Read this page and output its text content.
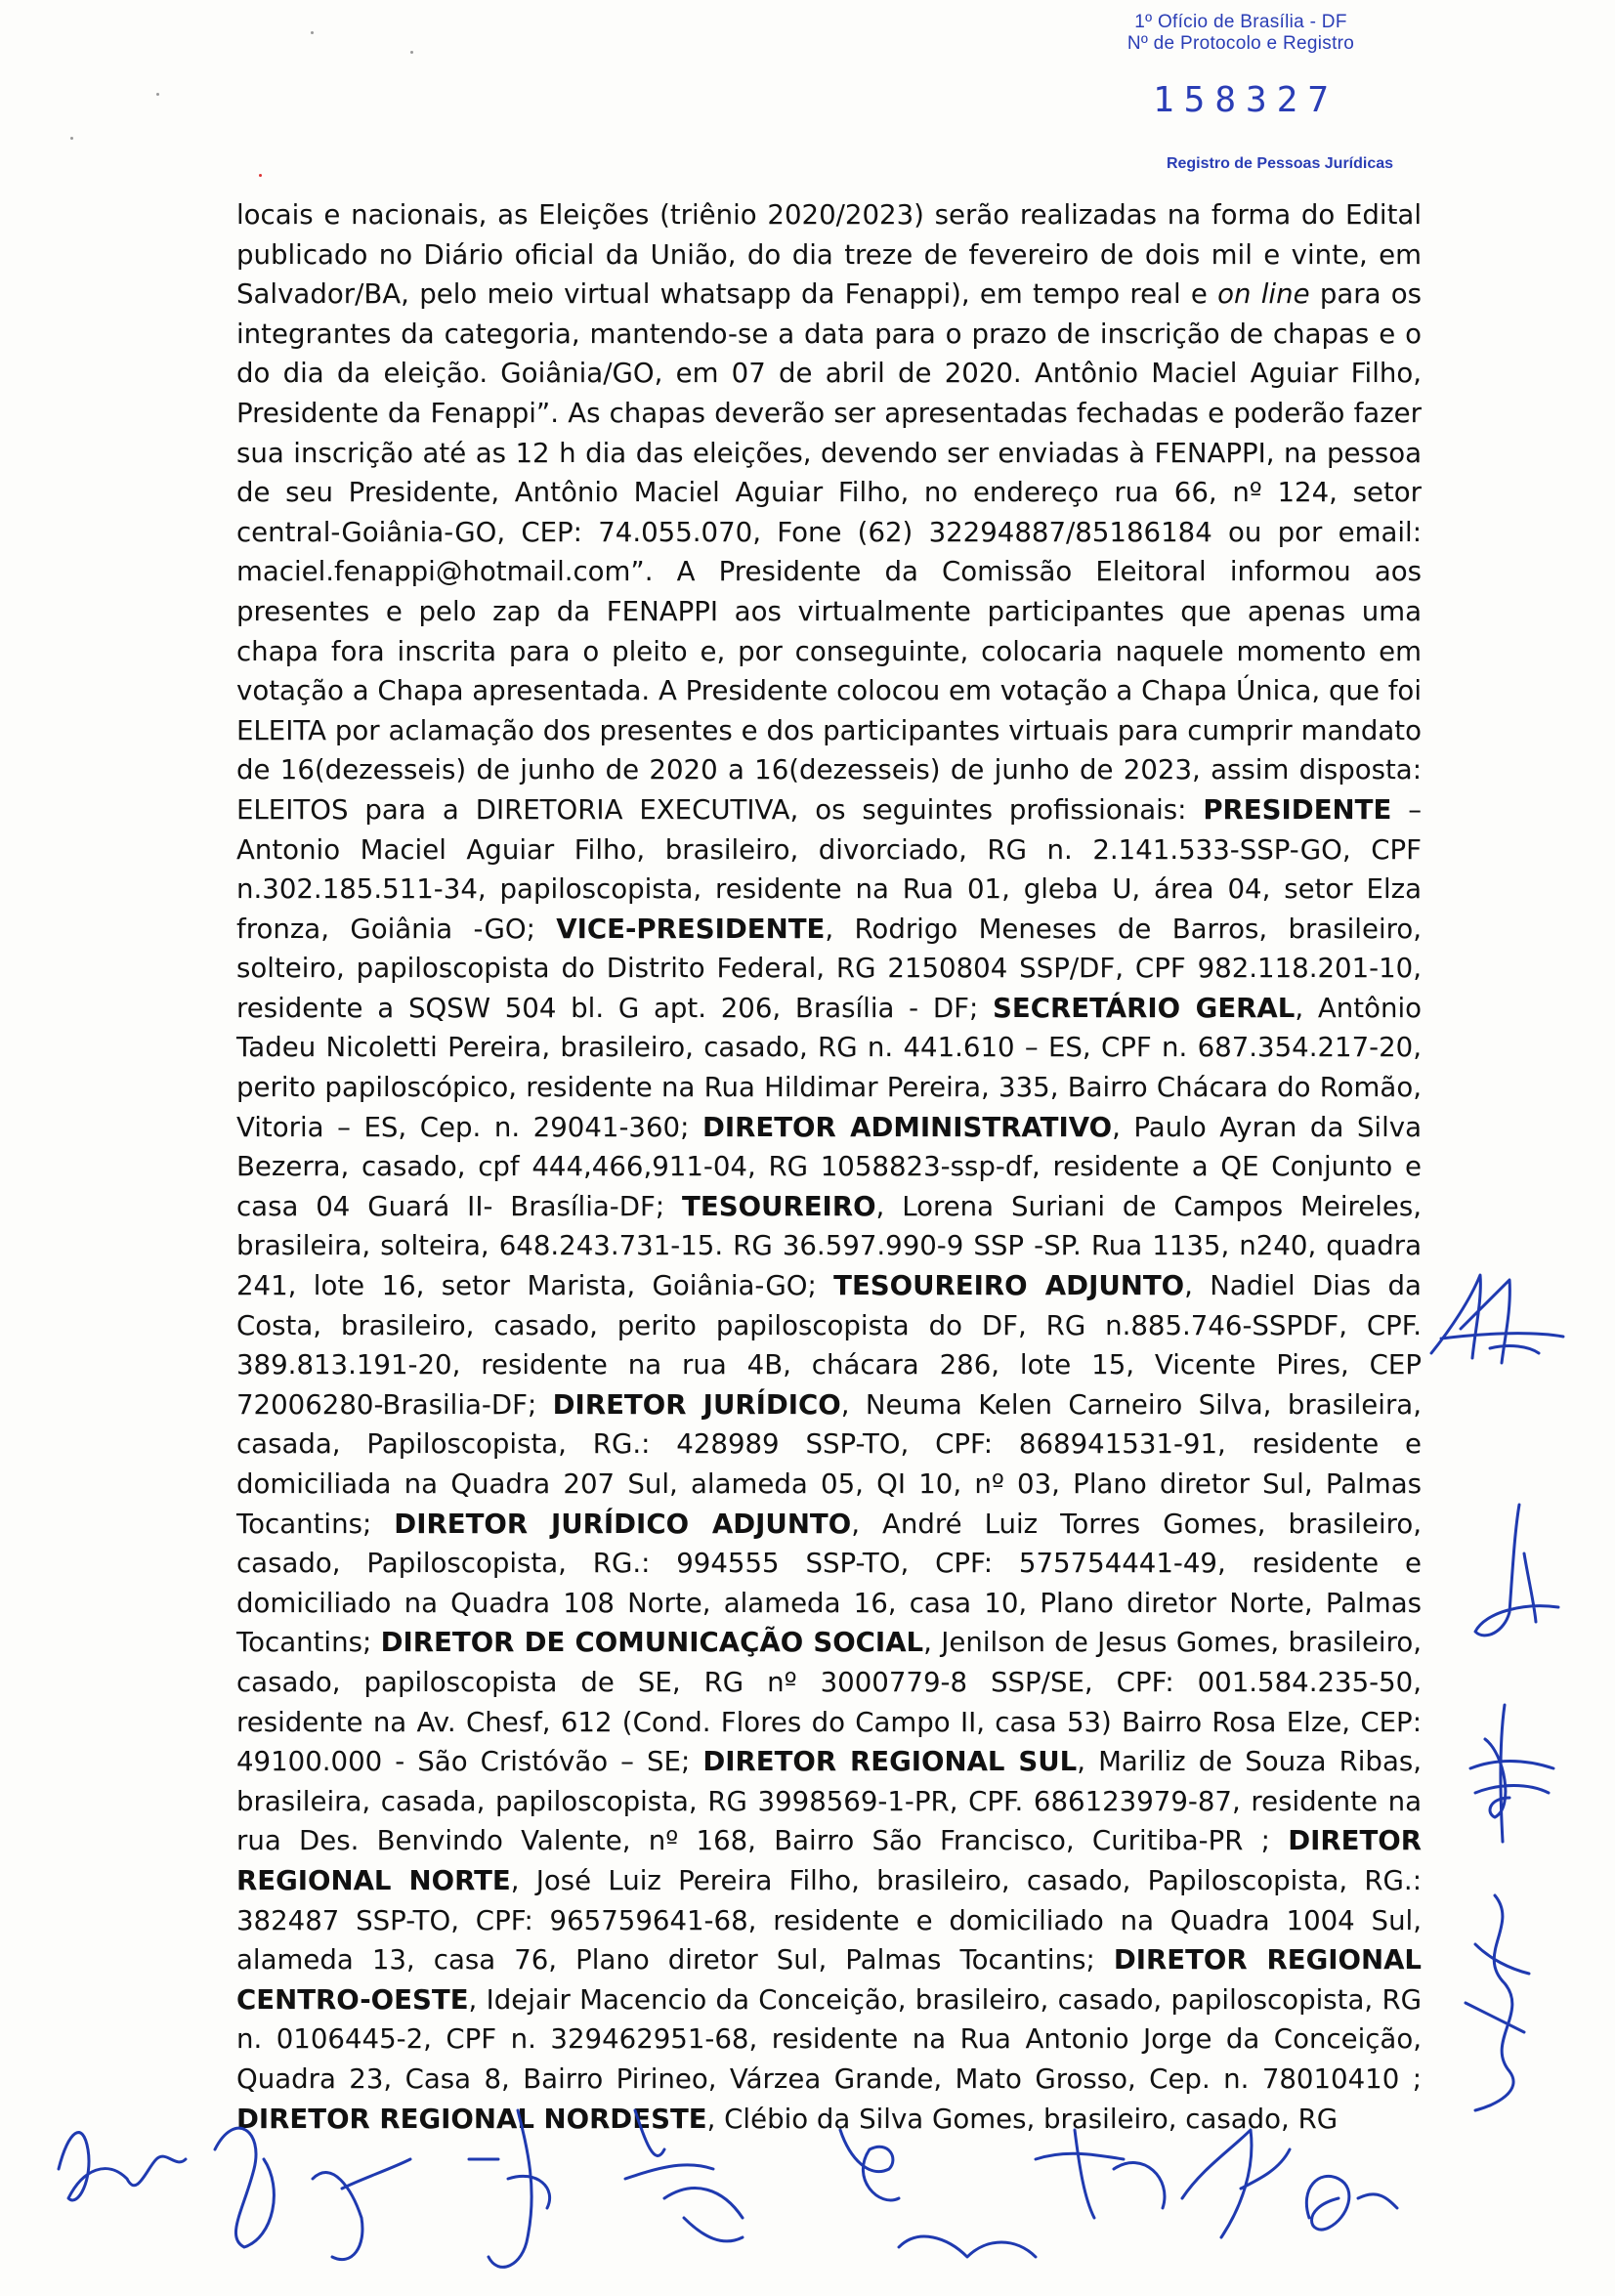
1º Ofício de Brasília - DF
Nº de Protocolo e Registro
158327
Registro de Pessoas Jurídicas

locais e nacionais, as Eleições (triênio 2020/2023) serão realizadas na forma do Edital publicado no Diário oficial da União, do dia treze de fevereiro de dois mil e vinte, em Salvador/BA, pelo meio virtual whatsapp da Fenappi), em tempo real e on line para os integrantes da categoria, mantendo-se a data para o prazo de inscrição de chapas e o do dia da eleição. Goiânia/GO, em 07 de abril de 2020. Antônio Maciel Aguiar Filho, Presidente da Fenappi”. As chapas deverão ser apresentadas fechadas e poderão fazer sua inscrição até as 12 h dia das eleições, devendo ser enviadas à FENAPPI, na pessoa de seu Presidente, Antônio Maciel Aguiar Filho, no endereço rua 66, nº 124, setor central-Goiânia-GO, CEP: 74.055.070, Fone (62) 32294887/85186184 ou por email: maciel.fenappi@hotmail.com”. A Presidente da Comissão Eleitoral informou aos presentes e pelo zap da FENAPPI aos virtualmente participantes que apenas uma chapa fora inscrita para o pleito e, por conseguinte, colocaria naquele momento em votação a Chapa apresentada. A Presidente colocou em votação a Chapa Única, que foi ELEITA por aclamação dos presentes e dos participantes virtuais para cumprir mandato de 16(dezesseis) de junho de 2020 a 16(dezesseis) de junho de 2023, assim disposta: ELEITOS para a DIRETORIA EXECUTIVA, os seguintes profissionais: PRESIDENTE – Antonio Maciel Aguiar Filho, brasileiro, divorciado, RG n. 2.141.533-SSP-GO, CPF n.302.185.511-34, papiloscopista, residente na Rua 01, gleba U, área 04, setor Elza fronza, Goiânia -GO; VICE-PRESIDENTE, Rodrigo Meneses de Barros, brasileiro, solteiro, papiloscopista do Distrito Federal, RG 2150804 SSP/DF, CPF 982.118.201-10, residente a SQSW 504 bl. G apt. 206, Brasília - DF; SECRETÁRIO GERAL, Antônio Tadeu Nicoletti Pereira, brasileiro, casado, RG n. 441.610 – ES, CPF n. 687.354.217-20, perito papiloscópico, residente na Rua Hildimar Pereira, 335, Bairro Chácara do Romão, Vitoria – ES, Cep. n. 29041-360; DIRETOR ADMINISTRATIVO, Paulo Ayran da Silva Bezerra, casado, cpf 444,466,911-04, RG 1058823-ssp-df, residente a QE Conjunto e casa 04 Guará II- Brasília-DF; TESOUREIRO, Lorena Suriani de Campos Meireles, brasileira, solteira, 648.243.731-15. RG 36.597.990-9 SSP -SP. Rua 1135, n240, quadra 241, lote 16, setor Marista, Goiânia-GO; TESOUREIRO ADJUNTO, Nadiel Dias da Costa, brasileiro, casado, perito papiloscopista do DF, RG n.885.746-SSPDF, CPF. 389.813.191-20, residente na rua 4B, chácara 286, lote 15, Vicente Pires, CEP 72006280-Brasilia-DF; DIRETOR JURÍDICO, Neuma Kelen Carneiro Silva, brasileira, casada, Papiloscopista, RG.: 428989 SSP-TO, CPF: 868941531-91, residente e domiciliada na Quadra 207 Sul, alameda 05, QI 10, nº 03, Plano diretor Sul, Palmas Tocantins; DIRETOR JURÍDICO ADJUNTO, André Luiz Torres Gomes, brasileiro, casado, Papiloscopista, RG.: 994555 SSP-TO, CPF: 575754441-49, residente e domiciliado na Quadra 108 Norte, alameda 16, casa 10, Plano diretor Norte, Palmas Tocantins; DIRETOR DE COMUNICAÇÃO SOCIAL, Jenilson de Jesus Gomes, brasileiro, casado, papiloscopista de SE, RG nº 3000779-8 SSP/SE, CPF: 001.584.235-50, residente na Av. Chesf, 612 (Cond. Flores do Campo II, casa 53) Bairro Rosa Elze, CEP: 49100.000 - São Cristóvão – SE; DIRETOR REGIONAL SUL, Mariliz de Souza Ribas, brasileira, casada, papiloscopista, RG 3998569-1-PR, CPF. 686123979-87, residente na rua Des. Benvindo Valente, nº 168, Bairro São Francisco, Curitiba-PR ; DIRETOR REGIONAL NORTE, José Luiz Pereira Filho, brasileiro, casado, Papiloscopista, RG.: 382487 SSP-TO, CPF: 965759641-68, residente e domiciliado na Quadra 1004 Sul, alameda 13, casa 76, Plano diretor Sul, Palmas Tocantins; DIRETOR REGIONAL CENTRO-OESTE, Idejair Macencio da Conceição, brasileiro, casado, papiloscopista, RG n. 0106445-2, CPF n. 329462951-68, residente na Rua Antonio Jorge da Conceição, Quadra 23, Casa 8, Bairro Pirineo, Várzea Grande, Mato Grosso, Cep. n. 78010410 ; DIRETOR REGIONAL NORDESTE, Clébio da Silva Gomes, brasileiro, casado, RG
